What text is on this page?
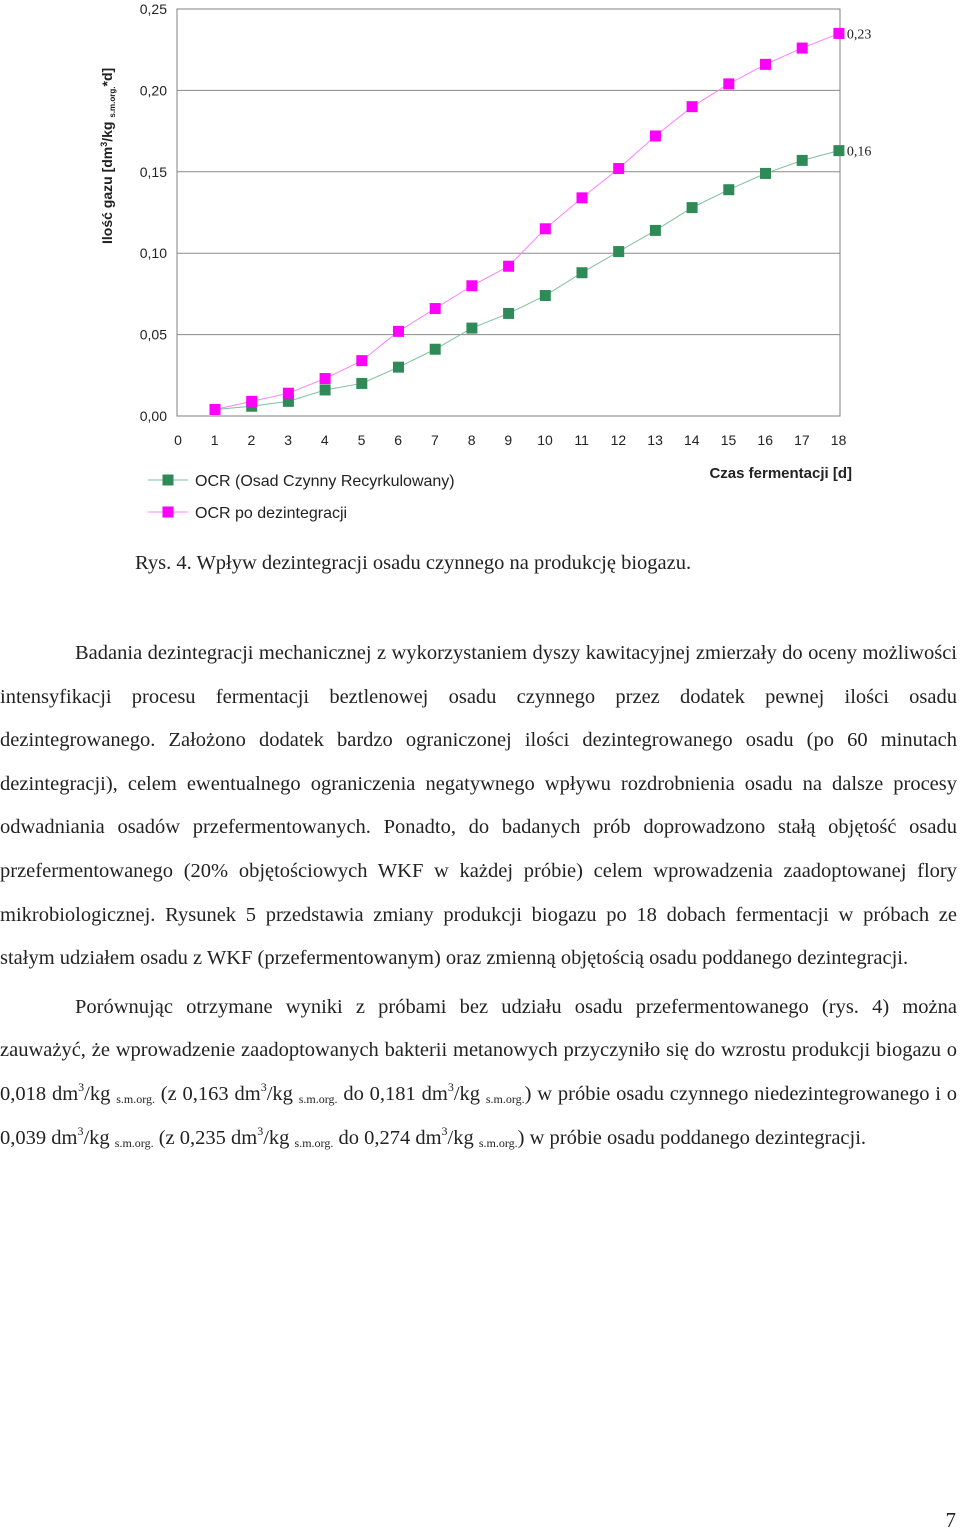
0,00
0,05
0,10
0,15
0,20
0,25
0 1 2 3 4 5 6 7 8 9 10 11 12 13 14 15 16 17 18
Ilość gazu [$dm^3/kg$ $_{s.m.org.}$*d]
Czas fermentacji [d]
0,16
0,23
OCR (Osad Czynny Recyrkulowany)
OCR po dezintegracji
Rys. 4. Wpływ dezintegracji osadu czynnego na produkcję biogazu.

Badania dezintegracji mechanicznej z wykorzystaniem dyszy kawitacyjnej zmierzały do oceny możliwości intensyfikacji procesu fermentacji beztlenowej osadu czynnego przez dodatek pewnej ilości osadu dezintegrowanego. Założono dodatek bardzo ograniczonej ilości dezintegrowanego osadu (po 60 minutach dezintegracji), celem ewentualnego ograniczenia negatywnego wpływu rozdrobnienia osadu na dalsze procesy odwadniania osadów przefermentowanych. Ponadto, do badanych prób doprowadzono stałą objętość osadu przefermentowanego (20% objętościowych WKF w każdej próbie) celem wprowadzenia zaadoptowanej flory mikrobiologicznej. Rysunek 5 przedstawia zmiany produkcji biogazu po 18 dobach fermentacji w próbach ze stałym udziałem osadu z WKF (przefermentowanym) oraz zmienną objętością osadu poddanego dezintegracji.

Porównując otrzymane wyniki z próbami bez udziału osadu przefermentowanego (rys. 4) można zauważyć, że wprowadzenie zaadoptowanych bakterii metanowych przyczyniło się do wzrostu produkcji biogazu o 0,018 $dm^3/kg$ $_{s.m.org.}$ (z 0,163 $dm^3/kg$ $_{s.m.org.}$ do 0,181 $dm^3/kg$ $_{s.m.org.}$) w próbie osadu czynnego niedezintegrowanego i o 0,039 $dm^3/kg$ $_{s.m.org.}$ (z 0,235 $dm^3/kg$ $_{s.m.org.}$ do 0,274 $dm^3/kg$ $_{s.m.org.}$) w próbie osadu poddanego dezintegracji.

7
